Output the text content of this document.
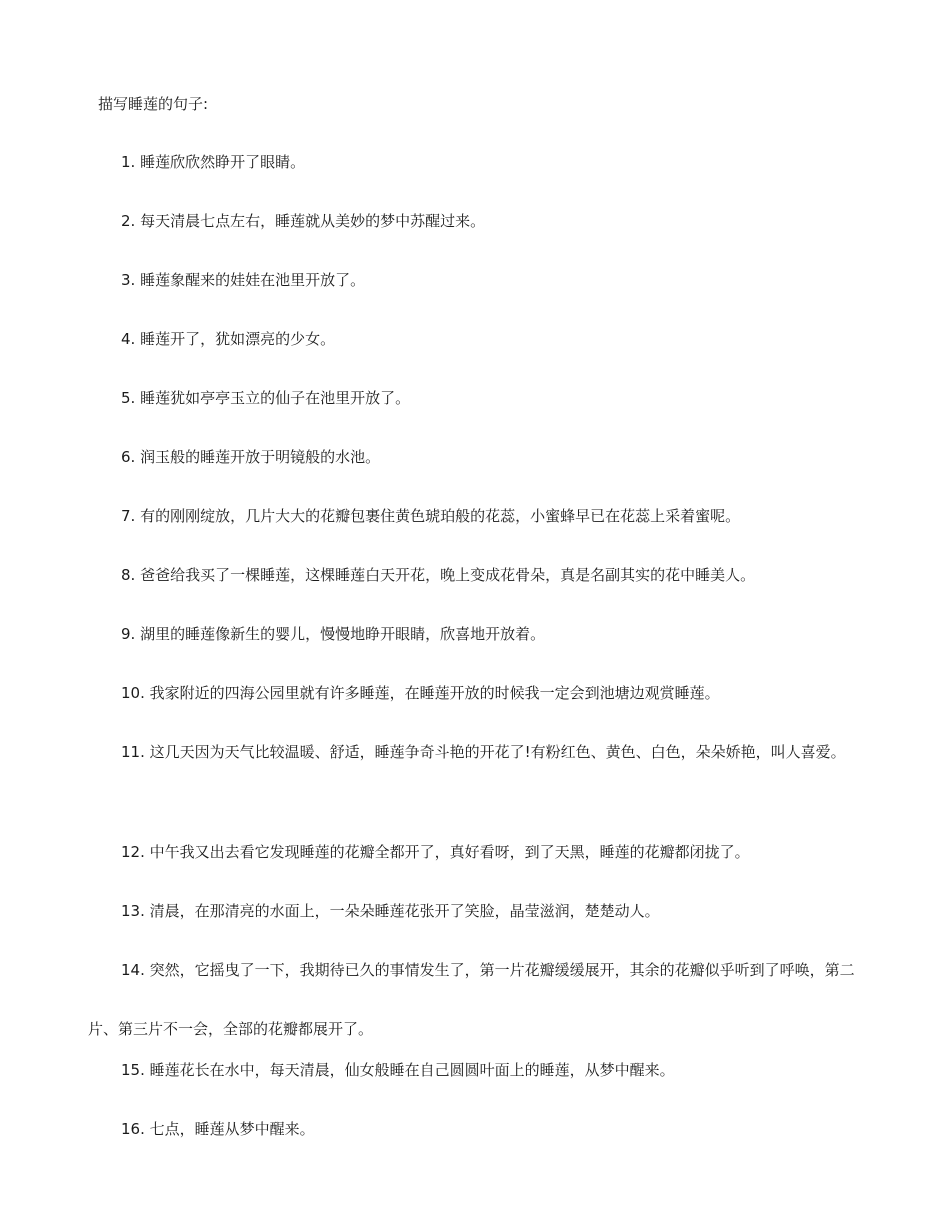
描写睡莲的句子:

1. 睡莲欣欣然睁开了眼睛。

2. 每天清晨七点左右，睡莲就从美妙的梦中苏醒过来。

3. 睡莲象醒来的娃娃在池里开放了。

4. 睡莲开了，犹如漂亮的少女。

5. 睡莲犹如亭亭玉立的仙子在池里开放了。

6. 润玉般的睡莲开放于明镜般的水池。

7. 有的刚刚绽放，几片大大的花瓣包裹住黄色琥珀般的花蕊，小蜜蜂早已在花蕊上采着蜜呢。

8. 爸爸给我买了一棵睡莲，这棵睡莲白天开花，晚上变成花骨朵，真是名副其实的花中睡美人。

9. 湖里的睡莲像新生的婴儿，慢慢地睁开眼睛，欣喜地开放着。

10. 我家附近的四海公园里就有许多睡莲，在睡莲开放的时候我一定会到池塘边观赏睡莲。

11. 这几天因为天气比较温暖、舒适，睡莲争奇斗艳的开花了!有粉红色、黄色、白色，朵朵娇艳，叫人喜爱。

12. 中午我又出去看它发现睡莲的花瓣全都开了，真好看呀，到了天黑，睡莲的花瓣都闭拢了。

13. 清晨，在那清亮的水面上，一朵朵睡莲花张开了笑脸，晶莹滋润，楚楚动人。

14. 突然，它摇曳了一下，我期待已久的事情发生了，第一片花瓣缓缓展开，其余的花瓣似乎听到了呼唤，第二片、第三片不一会，全部的花瓣都展开了。

15. 睡莲花长在水中，每天清晨，仙女般睡在自己圆圆叶面上的睡莲，从梦中醒来。

16. 七点，睡莲从梦中醒来。
